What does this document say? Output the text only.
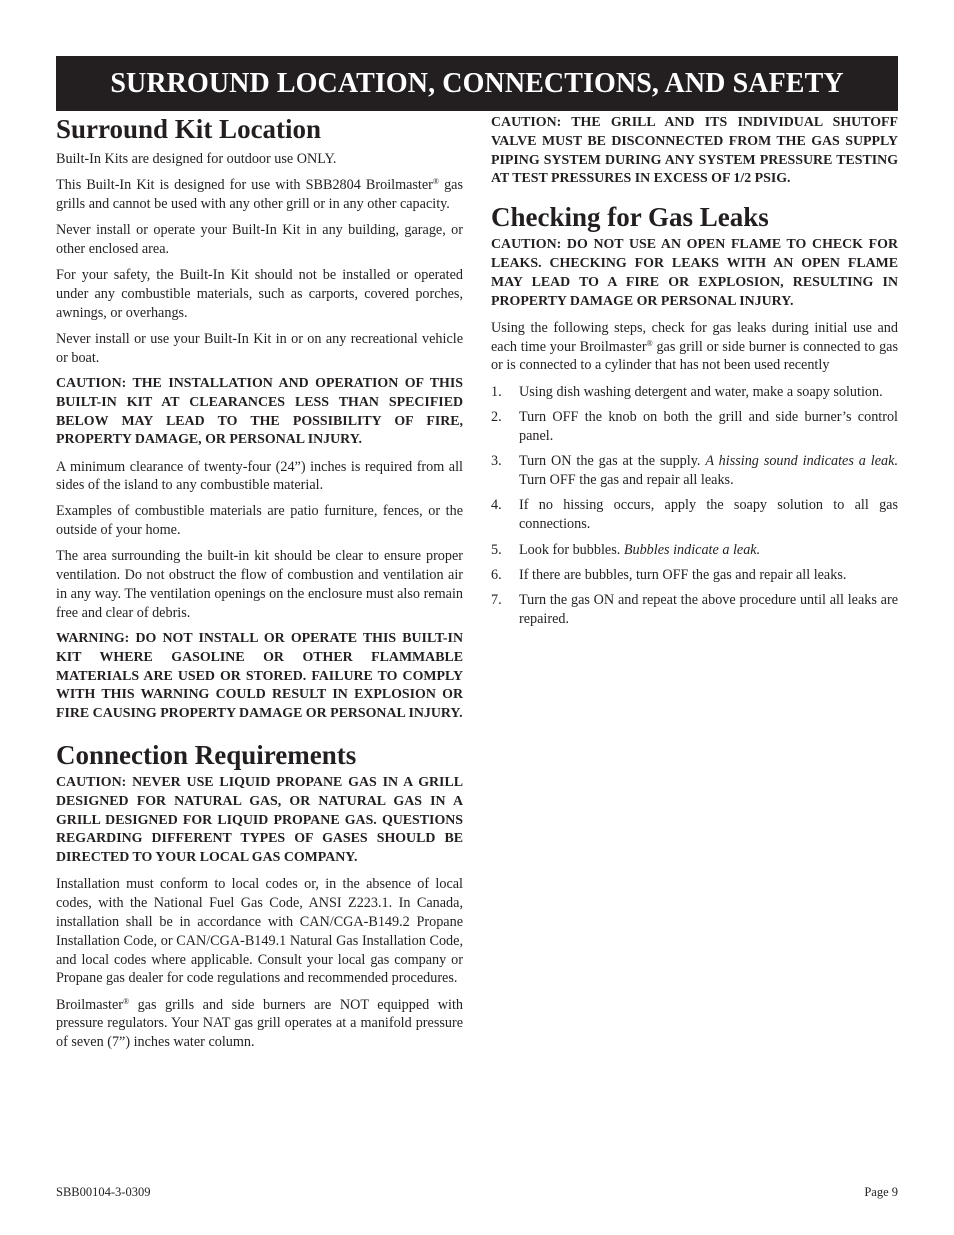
SURROUND LOCATION, CONNECTIONS, AND SAFETY
Surround Kit Location

Built-In Kits are designed for outdoor use ONLY.

This Built-In Kit is designed for use with SBB2804 Broilmaster® gas grills and cannot be used with any other grill or in any other capacity.

Never install or operate your Built-In Kit in any building, garage, or other enclosed area.

For your safety, the Built-In Kit should not be installed or operated under any combustible materials, such as carports, covered porches, awnings, or overhangs.

Never install or use your Built-In Kit in or on any recreational vehicle or boat.

CAUTION: THE INSTALLATION AND OPERATION OF THIS BUILT-IN KIT AT CLEARANCES LESS THAN SPECIFIED BELOW MAY LEAD TO THE POSSIBILITY OF FIRE, PROPERTY DAMAGE, OR PERSONAL INJURY.

A minimum clearance of twenty-four (24”) inches is required from all sides of the island to any combustible material.

Examples of combustible materials are patio furniture, fences, or the outside of your home.

The area surrounding the built-in kit should be clear to ensure proper ventilation. Do not obstruct the flow of combustion and ventilation air in any way. The ventilation openings on the enclosure must also remain free and clear of debris.

WARNING: DO NOT INSTALL OR OPERATE THIS BUILT-IN KIT WHERE GASOLINE OR OTHER FLAMMABLE MATERIALS ARE USED OR STORED. FAILURE TO COMPLY WITH THIS WARNING COULD RESULT IN EXPLOSION OR FIRE CAUSING PROPERTY DAMAGE OR PERSONAL INJURY.

Connection Requirements

CAUTION: NEVER USE LIQUID PROPANE GAS IN A GRILL DESIGNED FOR NATURAL GAS, OR NATURAL GAS IN A GRILL DESIGNED FOR LIQUID PROPANE GAS. QUESTIONS REGARDING DIFFERENT TYPES OF GASES SHOULD BE DIRECTED TO YOUR LOCAL GAS COMPANY.

Installation must conform to local codes or, in the absence of local codes, with the National Fuel Gas Code, ANSI Z223.1. In Canada, installation shall be in accordance with CAN/CGA-B149.2 Propane Installation Code, or CAN/CGA-B149.1 Natural Gas Installation Code, and local codes where applicable. Consult your local gas company or Propane gas dealer for code regulations and recommended procedures.

Broilmaster® gas grills and side burners are NOT equipped with pressure regulators. Your NAT gas grill operates at a manifold pressure of seven (7”) inches water column.

CAUTION: THE GRILL AND ITS INDIVIDUAL SHUTOFF VALVE MUST BE DISCONNECTED FROM THE GAS SUPPLY PIPING SYSTEM DURING ANY SYSTEM PRESSURE TESTING AT TEST PRESSURES IN EXCESS OF 1/2 PSIG.

Checking for Gas Leaks

CAUTION: DO NOT USE AN OPEN FLAME TO CHECK FOR LEAKS. CHECKING FOR LEAKS WITH AN OPEN FLAME MAY LEAD TO A FIRE OR EXPLOSION, RESULTING IN PROPERTY DAMAGE OR PERSONAL INJURY.

Using the following steps, check for gas leaks during initial use and each time your Broilmaster® gas grill or side burner is connected to gas or is connected to a cylinder that has not been used recently

1.	Using dish washing detergent and water, make a soapy solution.
2.	Turn OFF the knob on both the grill and side burner’s control panel.
3.	Turn ON the gas at the supply. A hissing sound indicates a leak. Turn OFF the gas and repair all leaks.
4.	If no hissing occurs, apply the soapy solution to all gas connections.
5.	Look for bubbles. Bubbles indicate a leak.
6.	If there are bubbles, turn OFF the gas and repair all leaks.
7.	Turn the gas ON and repeat the above procedure until all leaks are repaired.
SBB00104-3-0309	Page 9
